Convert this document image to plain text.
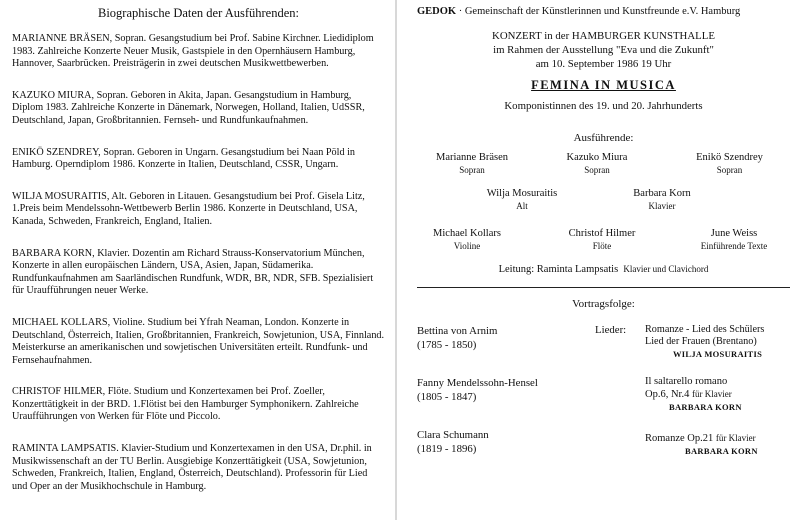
Biographische Daten der Ausführenden:

MARIANNE BRÄSEN, Sopran. Gesangstudium bei Prof. Sabine Kirchner. Liedidiplom 1983. Zahlreiche Konzerte Neuer Musik, Gastspiele in den Opernhäusern Hamburg, Hannover, Saarbrücken. Preisträgerin in zwei deutschen Musikwettbewerben.

KAZUKO MIURA, Sopran. Geboren in Akita, Japan. Gesangstudium in Hamburg, Diplom 1983. Zahlreiche Konzerte in Dänemark, Norwegen, Holland, Italien, UdSSR, Deutschland, Japan, Großbritannien. Fernseh- und Rundfunkaufnahmen.

ENIKÖ SZENDREY, Sopran. Geboren in Ungarn. Gesangstudium bei Naan Pöld in Hamburg. Operndiplom 1986. Konzerte in Italien, Deutschland, CSSR, Ungarn.

WILJA MOSURAITIS, Alt. Geboren in Litauen. Gesangstudium bei Prof. Gisela Litz, 1.Preis beim Mendelssohn-Wettbewerb Berlin 1986. Konzerte in Deutschland, USA, Kanada, Schweden, Frankreich, England, Italien.

BARBARA KORN, Klavier. Dozentin am Richard Strauss-Konservatorium München, Konzerte in allen europäischen Ländern, USA, Asien, Japan, Südamerika. Rundfunkaufnahmen am Saarländischen Rundfunk, WDR, BR, NDR, SFB. Spezialisiert für Uraufführungen neuer Werke.

MICHAEL KOLLARS, Violine. Studium bei Yfrah Neaman, London. Konzerte in Deutschland, Österreich, Italien, Großbritannien, Frankreich, Sowjetunion, USA, Finnland. Meisterkurse an amerikanischen und sowjetischen Universitäten erteilt. Rundfunk- und Fernsehaufnahmen.

CHRISTOF HILMER, Flöte. Studium und Konzertexamen bei Prof. Zoeller, Konzerttätigkeit in der BRD. 1.Flötist bei den Hamburger Symphonikern. Zahlreiche Uraufführungen von Werken für Flöte und Piccolo.

RAMINTA LAMPSATIS. Klavier-Studium und Konzertexamen in den USA, Dr.phil. in Musikwissenschaft an der TU Berlin. Ausgiebige Konzerttätigkeit (USA, Sowjetunion, Schweden, Frankreich, Italien, England, Österreich, Deutschland). Professorin für Lied und Oper an der Musikhochschule in Hamburg.

GEDOK · Gemeinschaft der Künstlerinnen und Kunstfreunde e.V. Hamburg
KONZERT in der HAMBURGER KUNSTHALLE
im Rahmen der Ausstellung "Eva und die Zukunft"
am 10. September 1986 19 Uhr
FEMINA IN MUSICA
Komponistinnen des 19. und 20. Jahrhunderts
Ausführende:
Marianne Bräsen
Sopran
Kazuko Miura
Sopran
Enikö Szendrey
Sopran
Wilja Mosuraitis
Alt
Barbara Korn
Klavier
Michael Kollars
Violine
Christof Hilmer
Flöte
June Weiss
Einführende Texte
Leitung: Raminta Lampsatis Klavier und Clavichord
Vortragsfolge:
Bettina von Arnim
(1785 - 1850)
Lieder: Romanze - Lied des Schülers
Lied der Frauen (Brentano)
WILJA MOSURAITIS
Fanny Mendelssohn-Hensel
(1805 - 1847)
Il saltarello romano
Op.6, Nr.4 für Klavier
BARBARA KORN
Clara Schumann
(1819 - 1896)
Romanze Op.21 für Klavier
BARBARA KORN
